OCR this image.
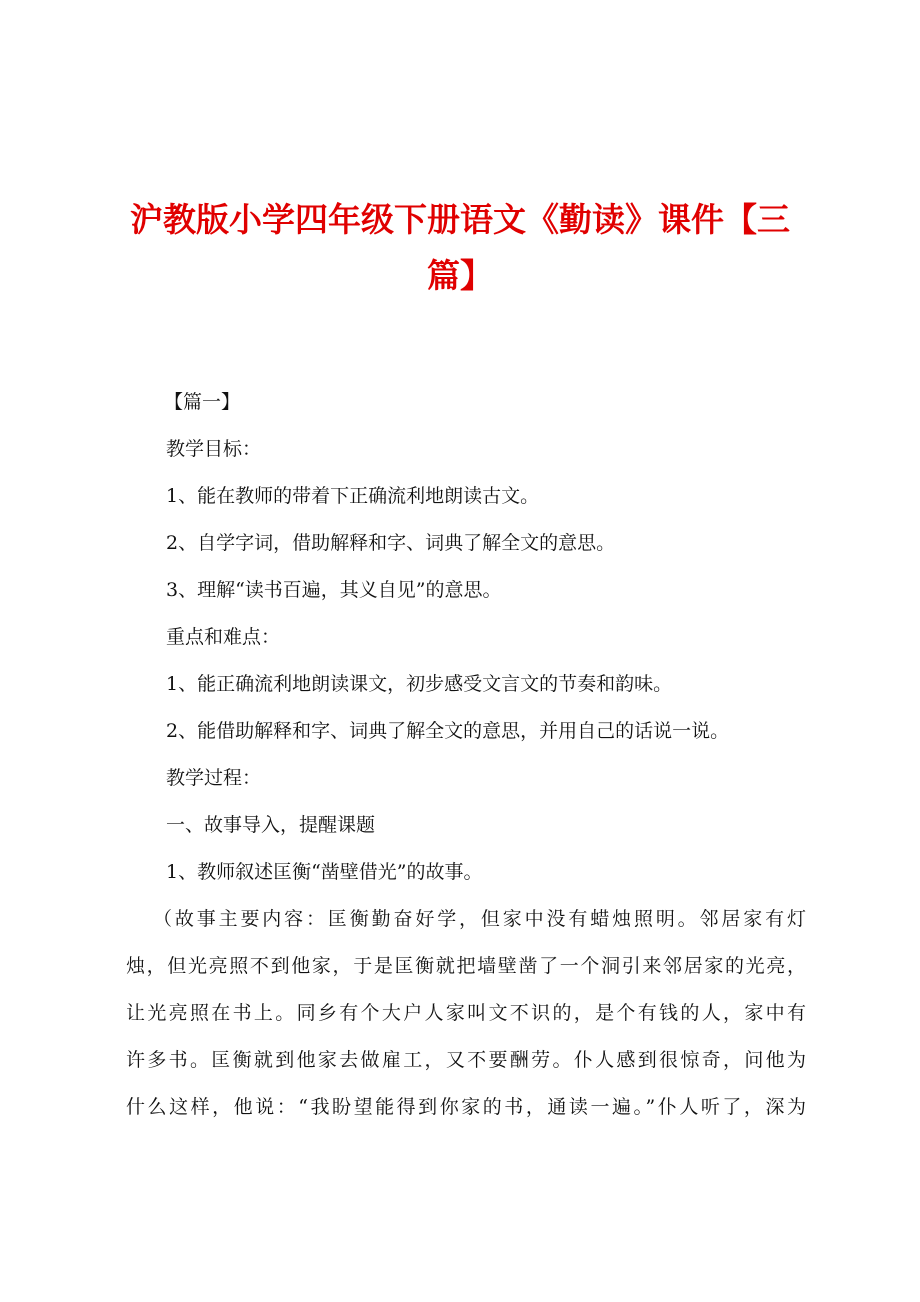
沪教版小学四年级下册语文《勤读》课件【三
篇】
【篇一】
教学目标：
1、能在教师的带着下正确流利地朗读古文。
2、自学字词，借助解释和字、词典了解全文的意思。
3、理解“读书百遍，其义自见”的意思。
重点和难点：
1、能正确流利地朗读课文，初步感受文言文的节奏和韵味。
2、能借助解释和字、词典了解全文的意思，并用自己的话说一说。
教学过程：
一、故事导入，提醒课题
1、教师叙述匡衡“凿壁借光”的故事。
（故事主要内容：匡衡勤奋好学，但家中没有蜡烛照明。邻居家有灯
烛，但光亮照不到他家，于是匡衡就把墙壁凿了一个洞引来邻居家的光亮，
让光亮照在书上。同乡有个大户人家叫文不识的，是个有钱的人，家中有
许多书。匡衡就到他家去做雇工，又不要酬劳。仆人感到很惊奇，问他为
什么这样，他说：“我盼望能得到你家的书，通读一遍。”仆人听了，深为
